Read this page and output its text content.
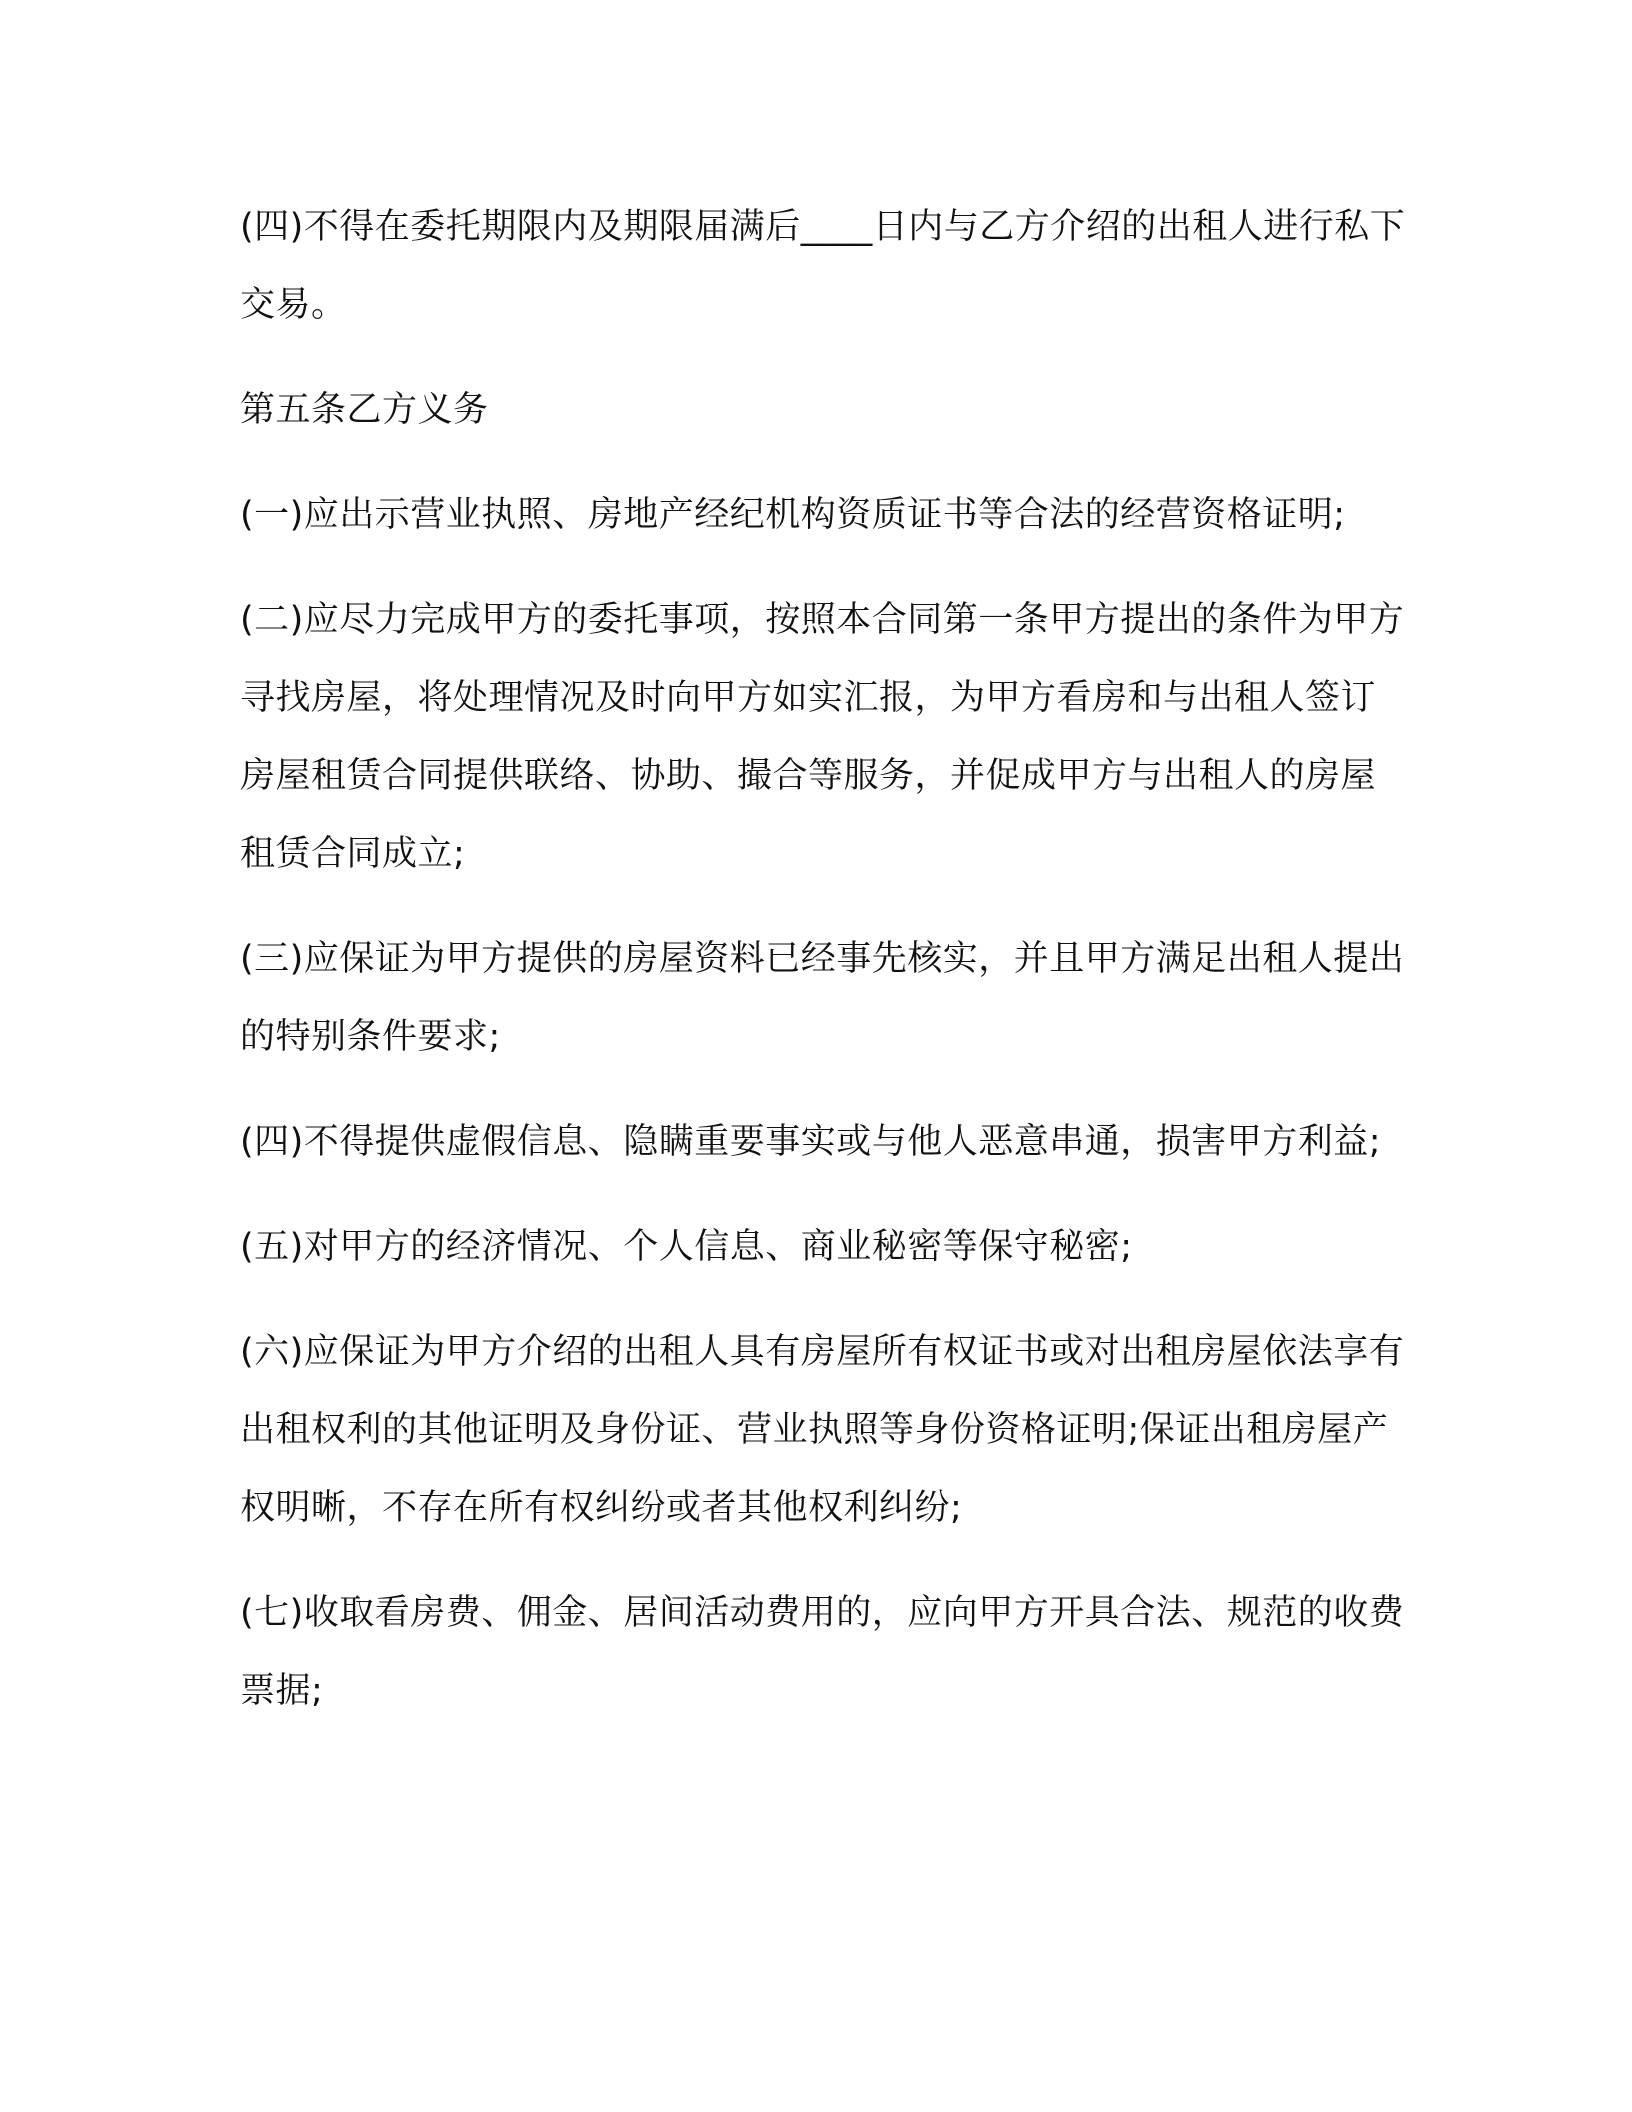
(四)不得在委托期限内及期限届满后____日内与乙方介绍的出租人进行私下交易。

第五条乙方义务

(一)应出示营业执照、房地产经纪机构资质证书等合法的经营资格证明;

(二)应尽力完成甲方的委托事项，按照本合同第一条甲方提出的条件为甲方寻找房屋，将处理情况及时向甲方如实汇报，为甲方看房和与出租人签订房屋租赁合同提供联络、协助、撮合等服务，并促成甲方与出租人的房屋租赁合同成立;

(三)应保证为甲方提供的房屋资料已经事先核实，并且甲方满足出租人提出的特别条件要求;

(四)不得提供虚假信息、隐瞒重要事实或与他人恶意串通，损害甲方利益;

(五)对甲方的经济情况、个人信息、商业秘密等保守秘密;

(六)应保证为甲方介绍的出租人具有房屋所有权证书或对出租房屋依法享有出租权利的其他证明及身份证、营业执照等身份资格证明;保证出租房屋产权明晰，不存在所有权纠纷或者其他权利纠纷;

(七)收取看房费、佣金、居间活动费用的，应向甲方开具合法、规范的收费票据;
